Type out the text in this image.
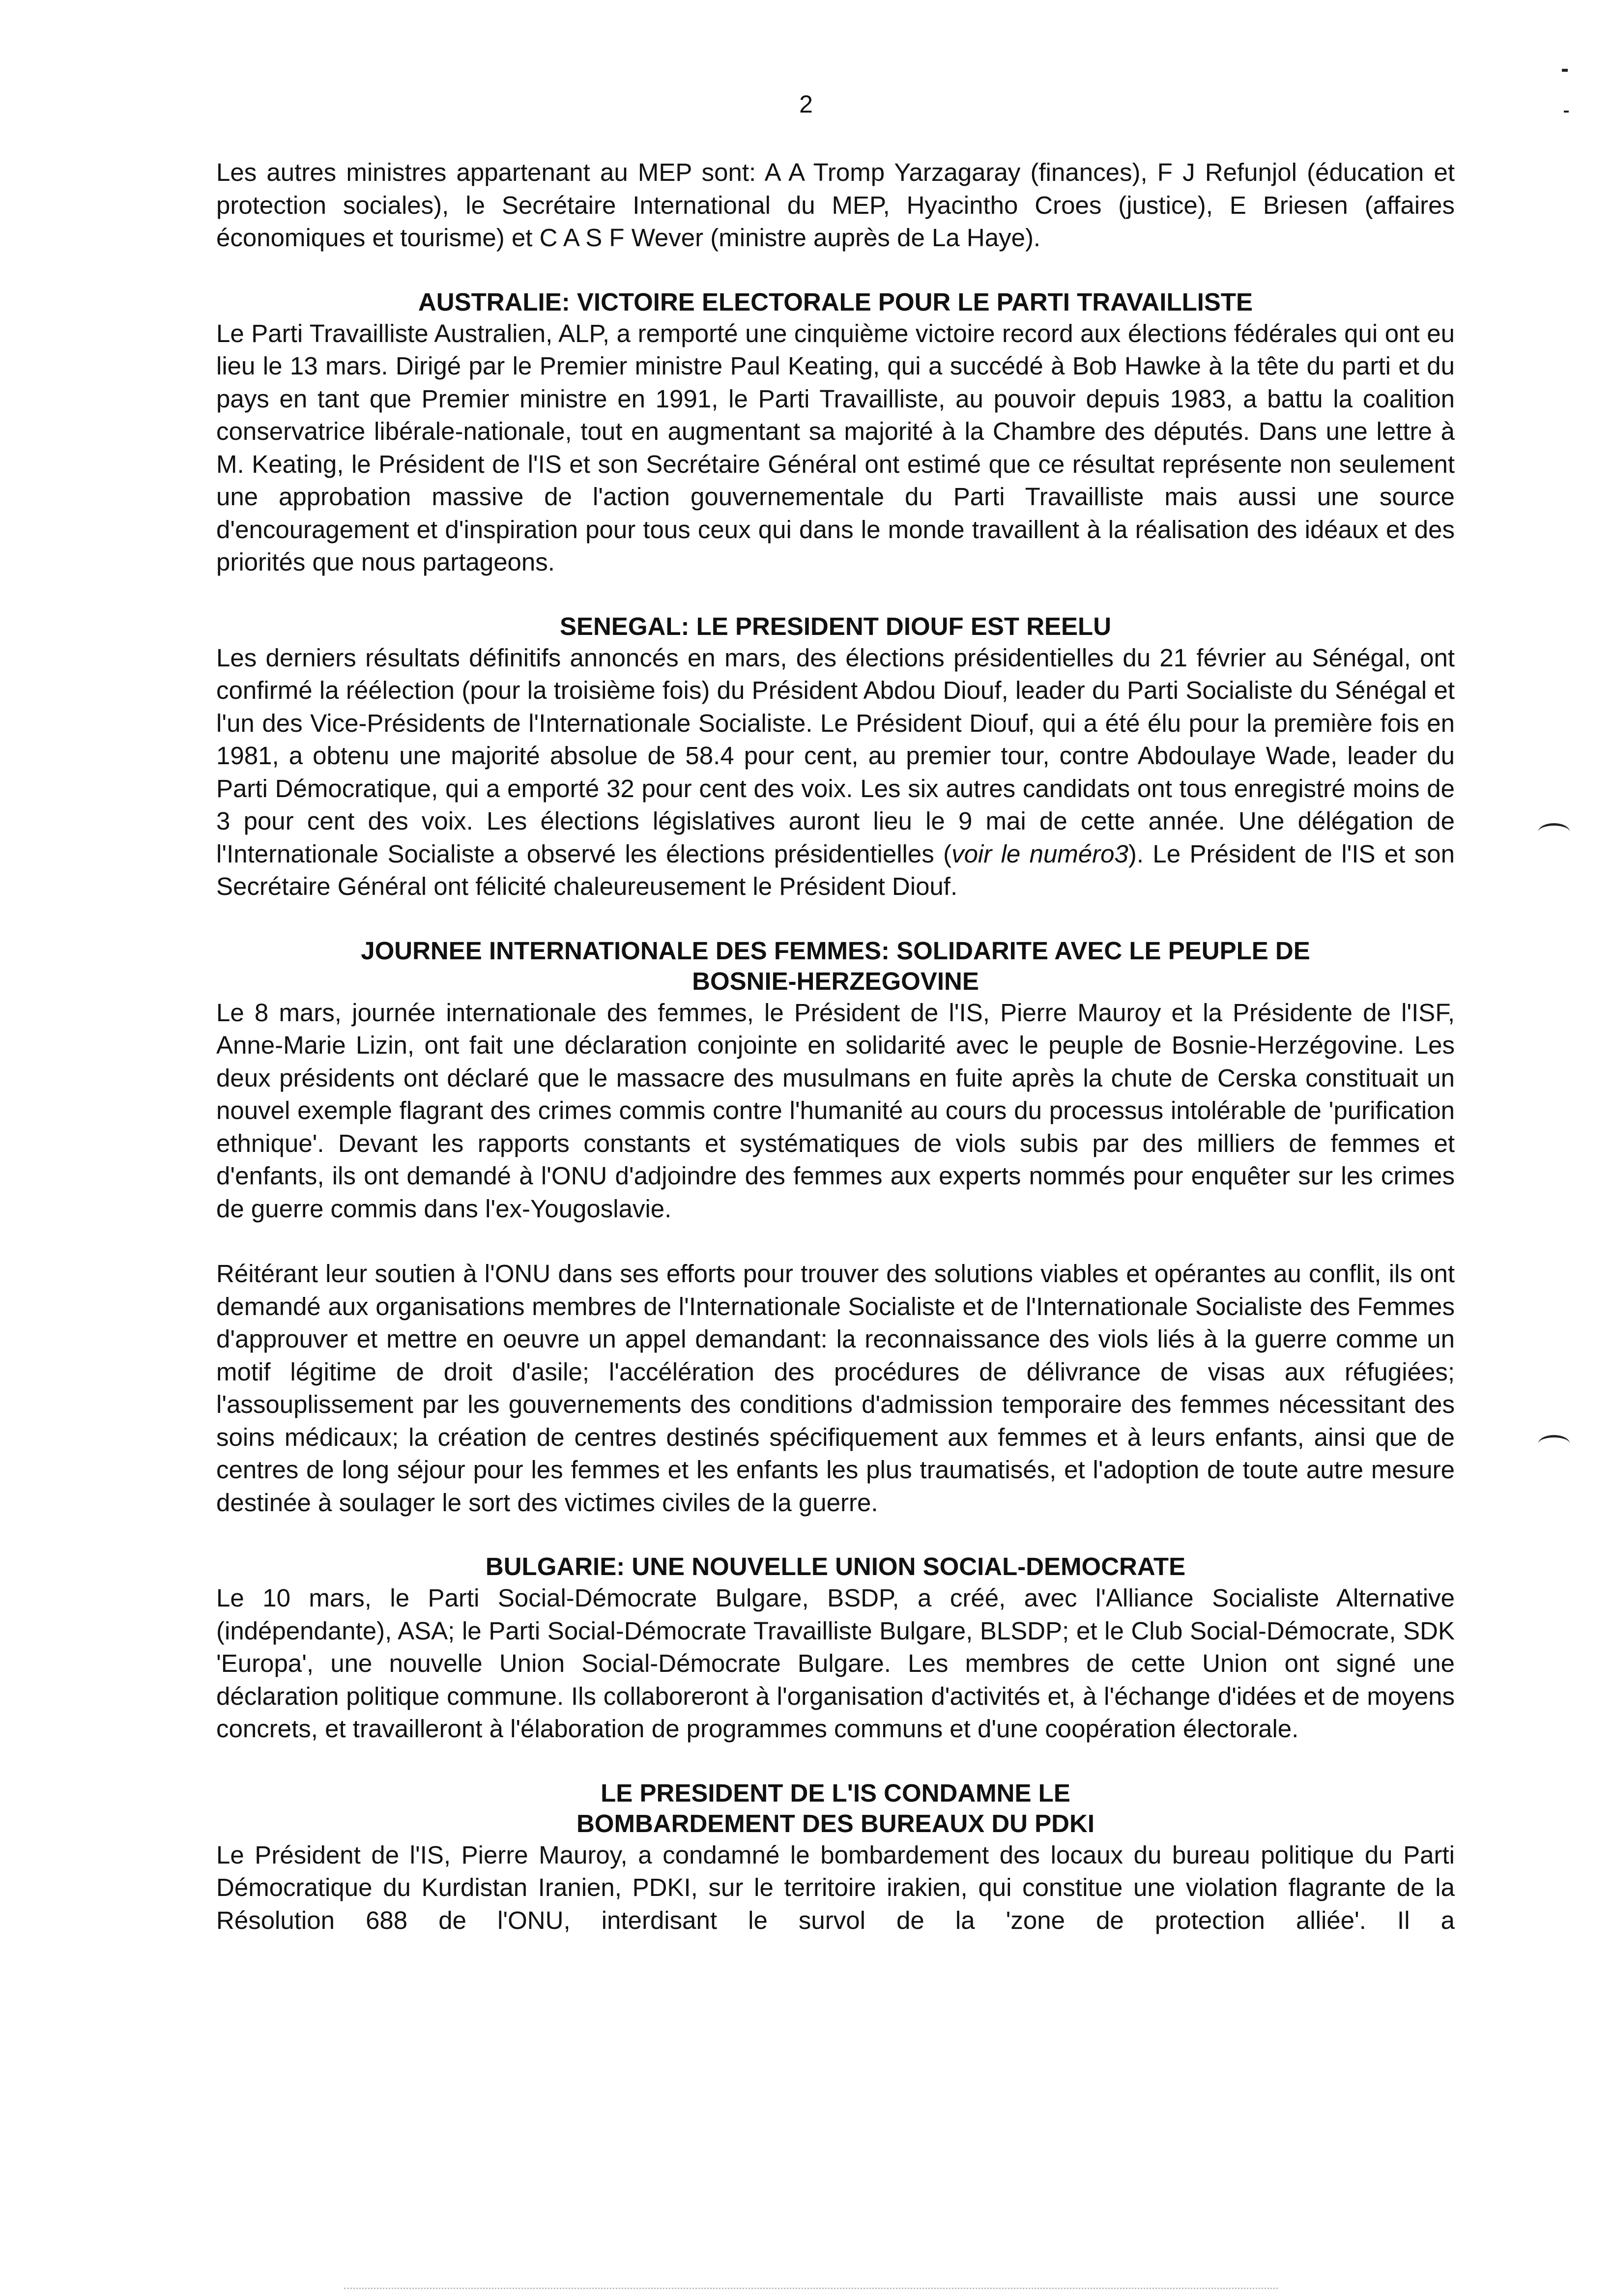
2

Les autres ministres appartenant au MEP sont: A A Tromp Yarzagaray (finances), F J Refunjol (éducation et protection sociales), le Secrétaire International du MEP, Hyacintho Croes (justice), E Briesen (affaires économiques et tourisme) et C A S F Wever (ministre auprès de La Haye).

AUSTRALIE: VICTOIRE ELECTORALE POUR LE PARTI TRAVAILLISTE

Le Parti Travailliste Australien, ALP, a remporté une cinquième victoire record aux élections fédérales qui ont eu lieu le 13 mars. Dirigé par le Premier ministre Paul Keating, qui a succédé à Bob Hawke à la tête du parti et du pays en tant que Premier ministre en 1991, le Parti Travailliste, au pouvoir depuis 1983, a battu la coalition conservatrice libérale-nationale, tout en augmentant sa majorité à la Chambre des députés. Dans une lettre à M. Keating, le Président de l'IS et son Secrétaire Général ont estimé que ce résultat représente non seulement une approbation massive de l'action gouvernementale du Parti Travailliste mais aussi une source d'encouragement et d'inspiration pour tous ceux qui dans le monde travaillent à la réalisation des idéaux et des priorités que nous partageons.

SENEGAL: LE PRESIDENT DIOUF EST REELU

Les derniers résultats définitifs annoncés en mars, des élections présidentielles du 21 février au Sénégal, ont confirmé la réélection (pour la troisième fois) du Président Abdou Diouf, leader du Parti Socialiste du Sénégal et l'un des Vice-Présidents de l'Internationale Socialiste. Le Président Diouf, qui a été élu pour la première fois en 1981, a obtenu une majorité absolue de 58.4 pour cent, au premier tour, contre Abdoulaye Wade, leader du Parti Démocratique, qui a emporté 32 pour cent des voix. Les six autres candidats ont tous enregistré moins de 3 pour cent des voix. Les élections législatives auront lieu le 9 mai de cette année. Une délégation de l'Internationale Socialiste a observé les élections présidentielles (voir le numéro3). Le Président de l'IS et son Secrétaire Général ont félicité chaleureusement le Président Diouf.

JOURNEE INTERNATIONALE DES FEMMES: SOLIDARITE AVEC LE PEUPLE DE BOSNIE-HERZEGOVINE

Le 8 mars, journée internationale des femmes, le Président de l'IS, Pierre Mauroy et la Présidente de l'ISF, Anne-Marie Lizin, ont fait une déclaration conjointe en solidarité avec le peuple de Bosnie-Herzégovine. Les deux présidents ont déclaré que le massacre des musulmans en fuite après la chute de Cerska constituait un nouvel exemple flagrant des crimes commis contre l'humanité au cours du processus intolérable de 'purification ethnique'. Devant les rapports constants et systématiques de viols subis par des milliers de femmes et d'enfants, ils ont demandé à l'ONU d'adjoindre des femmes aux experts nommés pour enquêter sur les crimes de guerre commis dans l'ex-Yougoslavie.

Réitérant leur soutien à l'ONU dans ses efforts pour trouver des solutions viables et opérantes au conflit, ils ont demandé aux organisations membres de l'Internationale Socialiste et de l'Internationale Socialiste des Femmes d'approuver et mettre en oeuvre un appel demandant: la reconnaissance des viols liés à la guerre comme un motif légitime de droit d'asile; l'accélération des procédures de délivrance de visas aux réfugiées; l'assouplissement par les gouvernements des conditions d'admission temporaire des femmes nécessitant des soins médicaux; la création de centres destinés spécifiquement aux femmes et à leurs enfants, ainsi que de centres de long séjour pour les femmes et les enfants les plus traumatisés, et l'adoption de toute autre mesure destinée à soulager le sort des victimes civiles de la guerre.

BULGARIE: UNE NOUVELLE UNION SOCIAL-DEMOCRATE

Le 10 mars, le Parti Social-Démocrate Bulgare, BSDP, a créé, avec l'Alliance Socialiste Alternative (indépendante), ASA; le Parti Social-Démocrate Travailliste Bulgare, BLSDP; et le Club Social-Démocrate, SDK 'Europa', une nouvelle Union Social-Démocrate Bulgare. Les membres de cette Union ont signé une déclaration politique commune. Ils collaboreront à l'organisation d'activités et, à l'échange d'idées et de moyens concrets, et travailleront à l'élaboration de programmes communs et d'une coopération électorale.

LE PRESIDENT DE L'IS CONDAMNE LE BOMBARDEMENT DES BUREAUX DU PDKI

Le Président de l'IS, Pierre Mauroy, a condamné le bombardement des locaux du bureau politique du Parti Démocratique du Kurdistan Iranien, PDKI, sur le territoire irakien, qui constitue une violation flagrante de la Résolution 688 de l'ONU, interdisant le survol de la 'zone de protection alliée'. Il a
